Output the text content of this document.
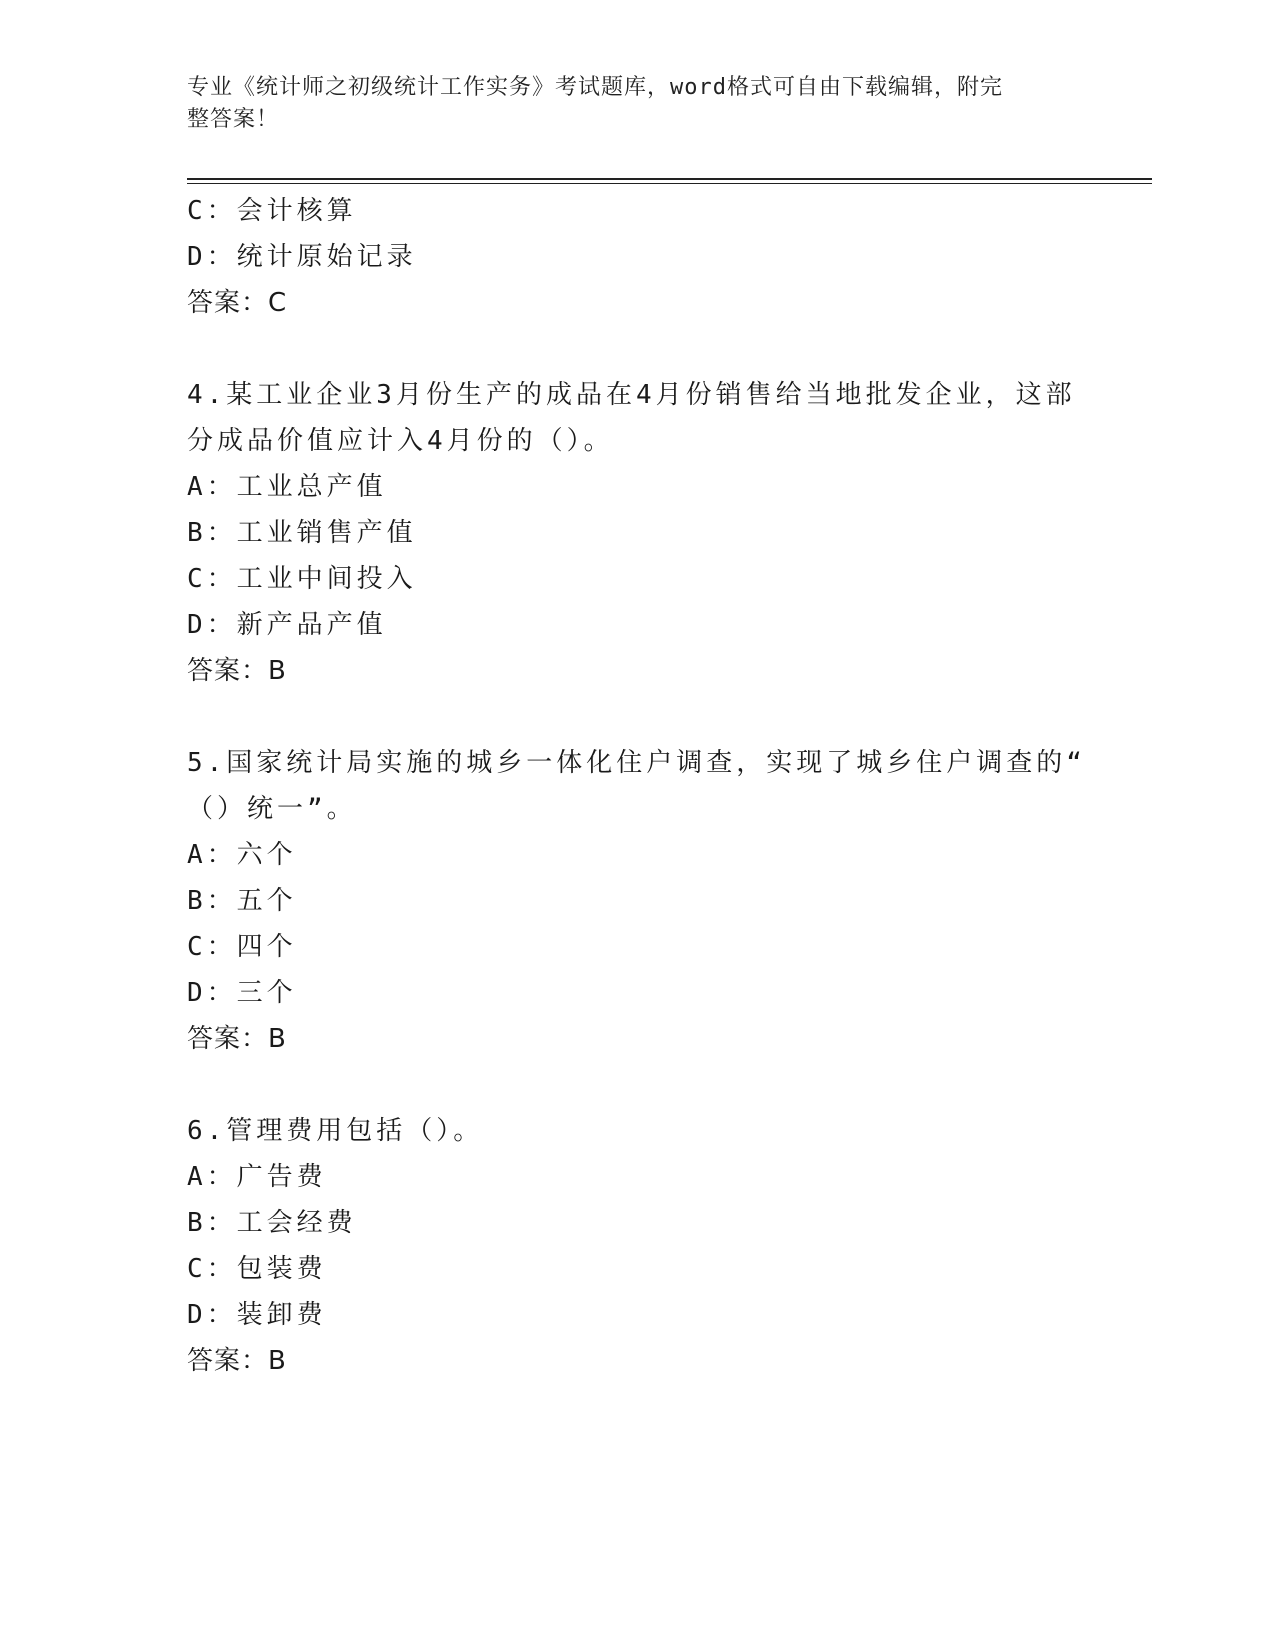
专业《统计师之初级统计工作实务》考试题库，word格式可自由下载编辑，附完
整答案！
C：会计核算
D：统计原始记录
答案：C
4.某工业企业3月份生产的成品在4月份销售给当地批发企业，这部
分成品价值应计入4月份的（）。
A：工业总产值
B：工业销售产值
C：工业中间投入
D：新产品产值
答案：B
5.国家统计局实施的城乡一体化住户调查，实现了城乡住户调查的“
（）统一”。
A：六个
B：五个
C：四个
D：三个
答案：B
6.管理费用包括（）。
A：广告费
B：工会经费
C：包装费
D：装卸费
答案：B
